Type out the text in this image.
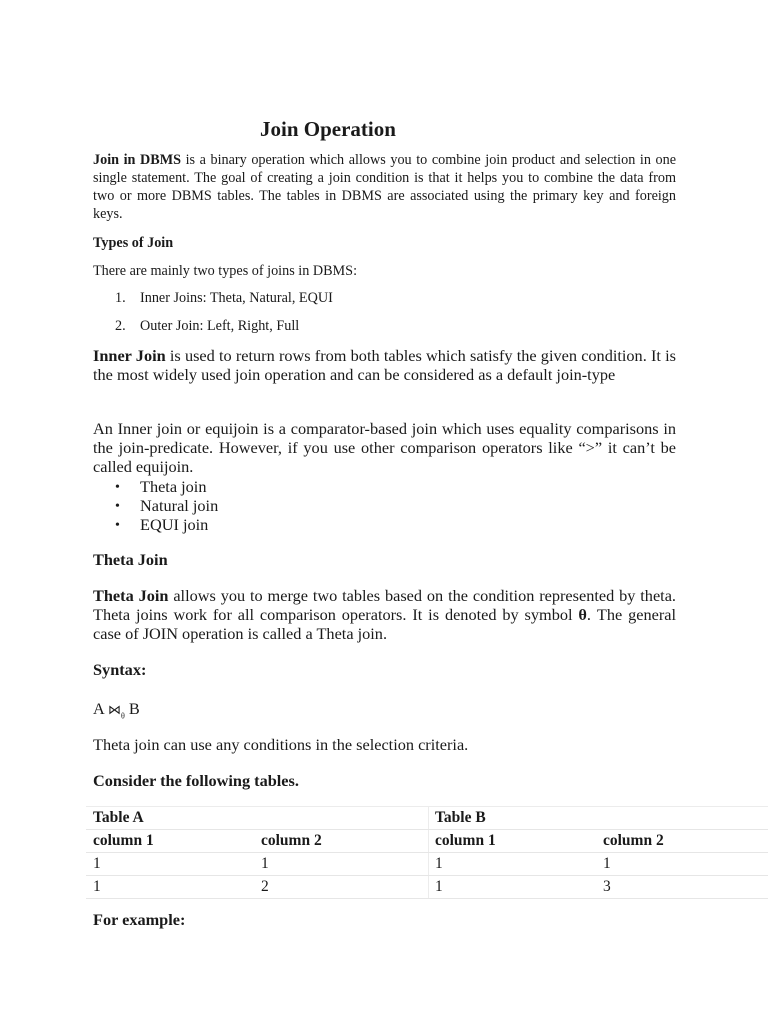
Join Operation

Join in DBMS is a binary operation which allows you to combine join product and selection in one single statement. The goal of creating a join condition is that it helps you to combine the data from two or more DBMS tables. The tables in DBMS are associated using the primary key and foreign keys.

Types of Join

There are mainly two types of joins in DBMS:

1. Inner Joins: Theta, Natural, EQUI
2. Outer Join: Left, Right, Full

Inner Join is used to return rows from both tables which satisfy the given condition. It is the most widely used join operation and can be considered as a default join-type

An Inner join or equijoin is a comparator-based join which uses equality comparisons in the join-predicate. However, if you use other comparison operators like “>” it can’t be called equijoin.

• Theta join
• Natural join
• EQUI join

Theta Join

Theta Join allows you to merge two tables based on the condition represented by theta. Theta joins work for all comparison operators. It is denoted by symbol θ. The general case of JOIN operation is called a Theta join.

Syntax:

A $⋈_\theta$ B

Theta join can use any conditions in the selection criteria.

Consider the following tables.

Table A	Table B
column 1	column 2	column 1	column 2
1	1	1	1
1	2	1	3

For example:
